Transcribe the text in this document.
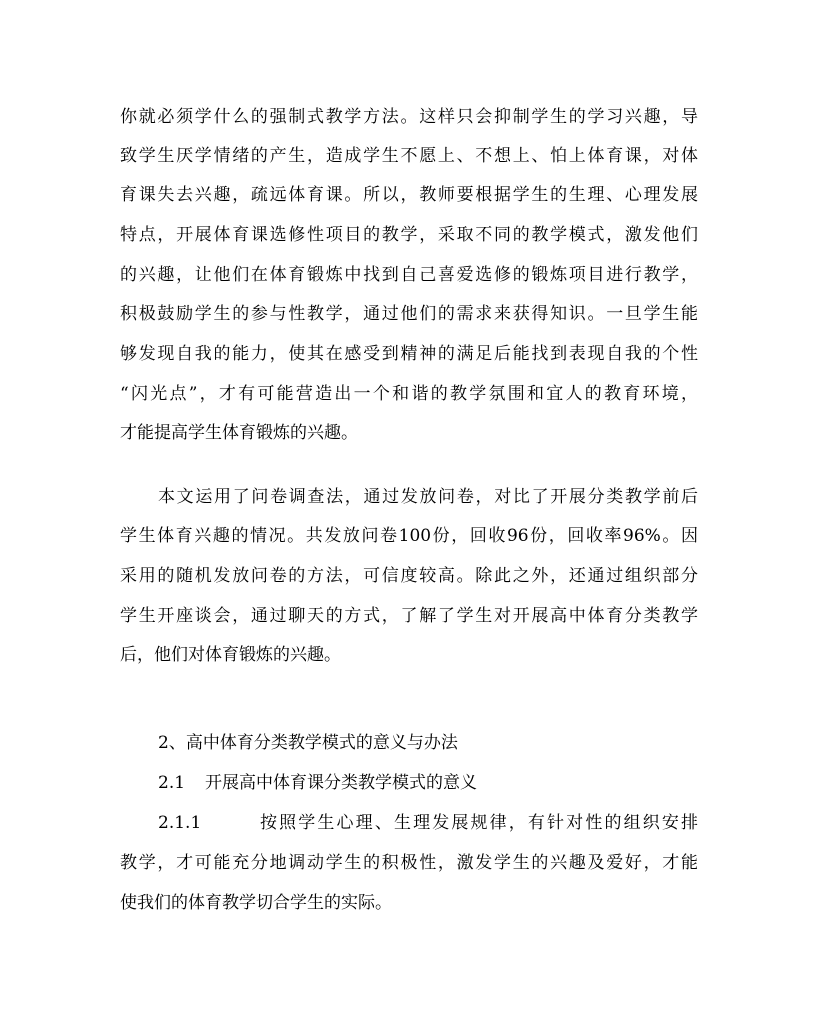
你就必须学什么的强制式教学方法。这样只会抑制学生的学习兴趣，导
致学生厌学情绪的产生，造成学生不愿上、不想上、怕上体育课，对体
育课失去兴趣，疏远体育课。所以，教师要根据学生的生理、心理发展
特点，开展体育课选修性项目的教学，采取不同的教学模式，激发他们
的兴趣，让他们在体育锻炼中找到自己喜爱选修的锻炼项目进行教学，
积极鼓励学生的参与性教学，通过他们的需求来获得知识。一旦学生能
够发现自我的能力，使其在感受到精神的满足后能找到表现自我的个性
“闪光点”，才有可能营造出一个和谐的教学氛围和宜人的教育环境，
才能提高学生体育锻炼的兴趣。
本文运用了问卷调查法，通过发放问卷，对比了开展分类教学前后
学生体育兴趣的情况。共发放问卷100份，回收96份，回收率96%。因
采用的随机发放问卷的方法，可信度较高。除此之外，还通过组织部分
学生开座谈会，通过聊天的方式，了解了学生对开展高中体育分类教学
后，他们对体育锻炼的兴趣。
2、高中体育分类教学模式的意义与办法
2.1 开展高中体育课分类教学模式的意义
2.1.1	按照学生心理、生理发展规律，有针对性的组织安排
教学，才可能充分地调动学生的积极性，激发学生的兴趣及爱好，才能
使我们的体育教学切合学生的实际。
